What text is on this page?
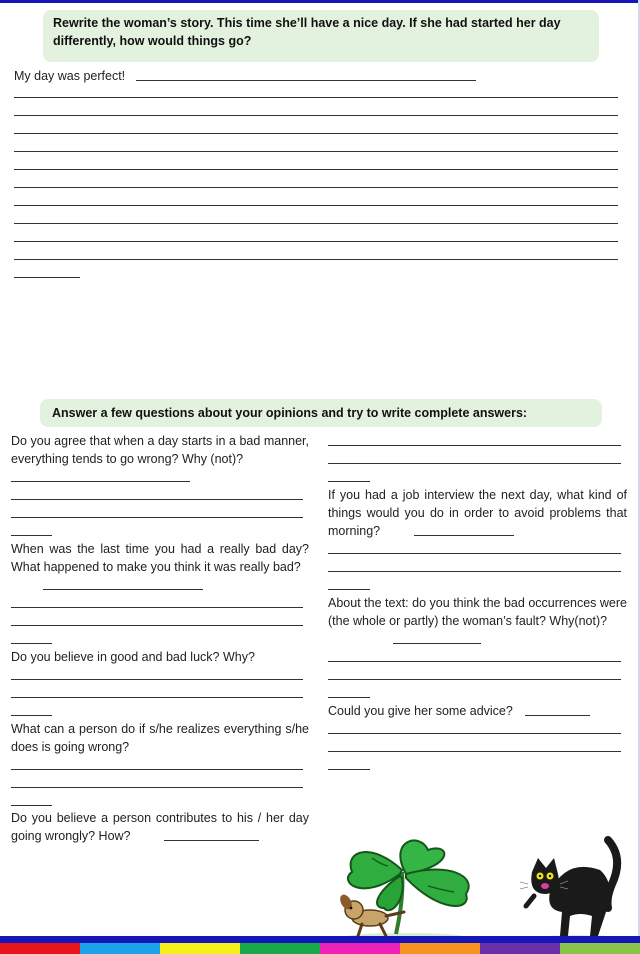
Rewrite the woman’s story. This time she’ll have a nice day. If she had started her day differently, how would things go?
My day was perfect!
Answer a few questions about your opinions and try to write complete answers:
Do you agree that when a day starts in a bad manner, everything tends to go wrong? Why (not)?
When was the last time you had a really bad day? What happened to make you think it was really bad?
Do you believe in good and bad luck? Why?
What can a person do if s/he realizes everything s/he does is going wrong?
Do you believe a person contributes to his / her day going wrongly? How?
If you had a job interview the next day, what kind of things would you do in order to avoid problems that morning?
About the text: do you think the bad occurrences were (the whole or partly) the woman’s fault? Why(not)?
Could you give her some advice?
